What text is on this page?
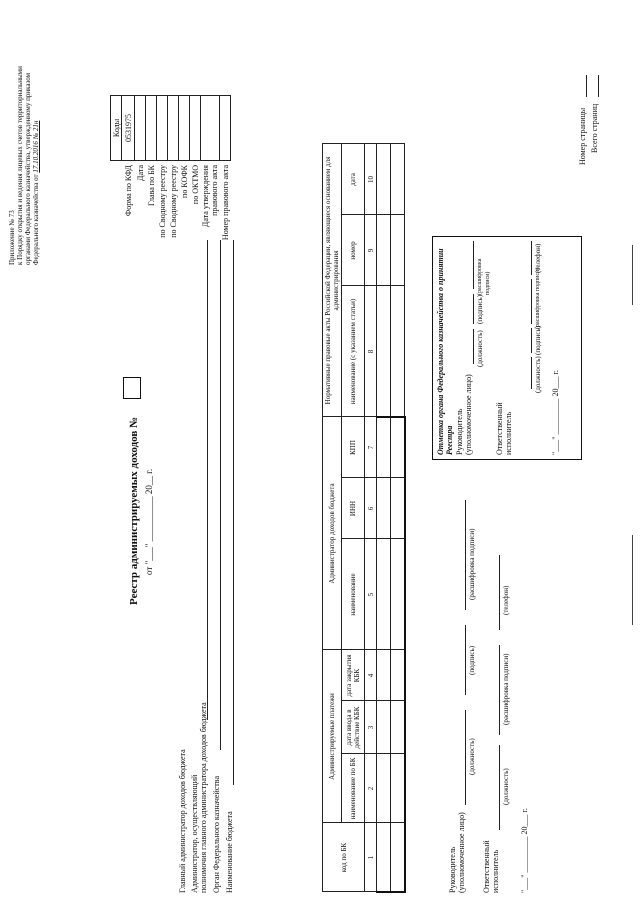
Приложение № 73 к Порядку открытия и ведения лицевых счетов территориальными органами Федерального казначейства, утвержденному приказом Федерального казначейства от 17.10.2016 № 21н
		Коды
Форма по КФД	0531975
Дата	
Глава по БК	
по Сводному реестру	
по Сводному реестру	
по КОФК	
по ОКТМО	
Дата утверждения правового акта	
Номер правового акта	
Реестр администрируемых доходов № от "___" __________ 20__ г.
Главный администратор доходов бюджета Администратор, осуществляющий полномочия главного администратора доходов бюджета Орган Федерального казначейства Наименование бюджета	код по БК	Администрируемые платежи			Администратор доходов бюджета			Нормативные правовые акты Российской Федерации, являющиеся основанием для администрирования		
	наименование по БК	дата ввода в действие КБК	дата закрытия КБК	наименование	ИНН	КПП	наименование (с указанием статьи)	номер	дата
1	2	3	4	5	6	7	8	9	10

Руководитель (уполномоченное лицо)
(должность)
(подпись)
(расшифровка подписи)
Ответственный исполнитель
(должность)
(расшифровка подписи)
(телефон)
"___" _________ 20___ г.
Отметка органа Федерального казначейства о принятии Реестра Руководитель (уполномоченное лицо)
(должность)
(подпись)
(расшифровка подписи)
Ответственный исполнитель
(должность)
(подпись)
(расшифровка подписи)
(телефон)
"___" _________ 20___ г.
Номер страницы Всего страниц
